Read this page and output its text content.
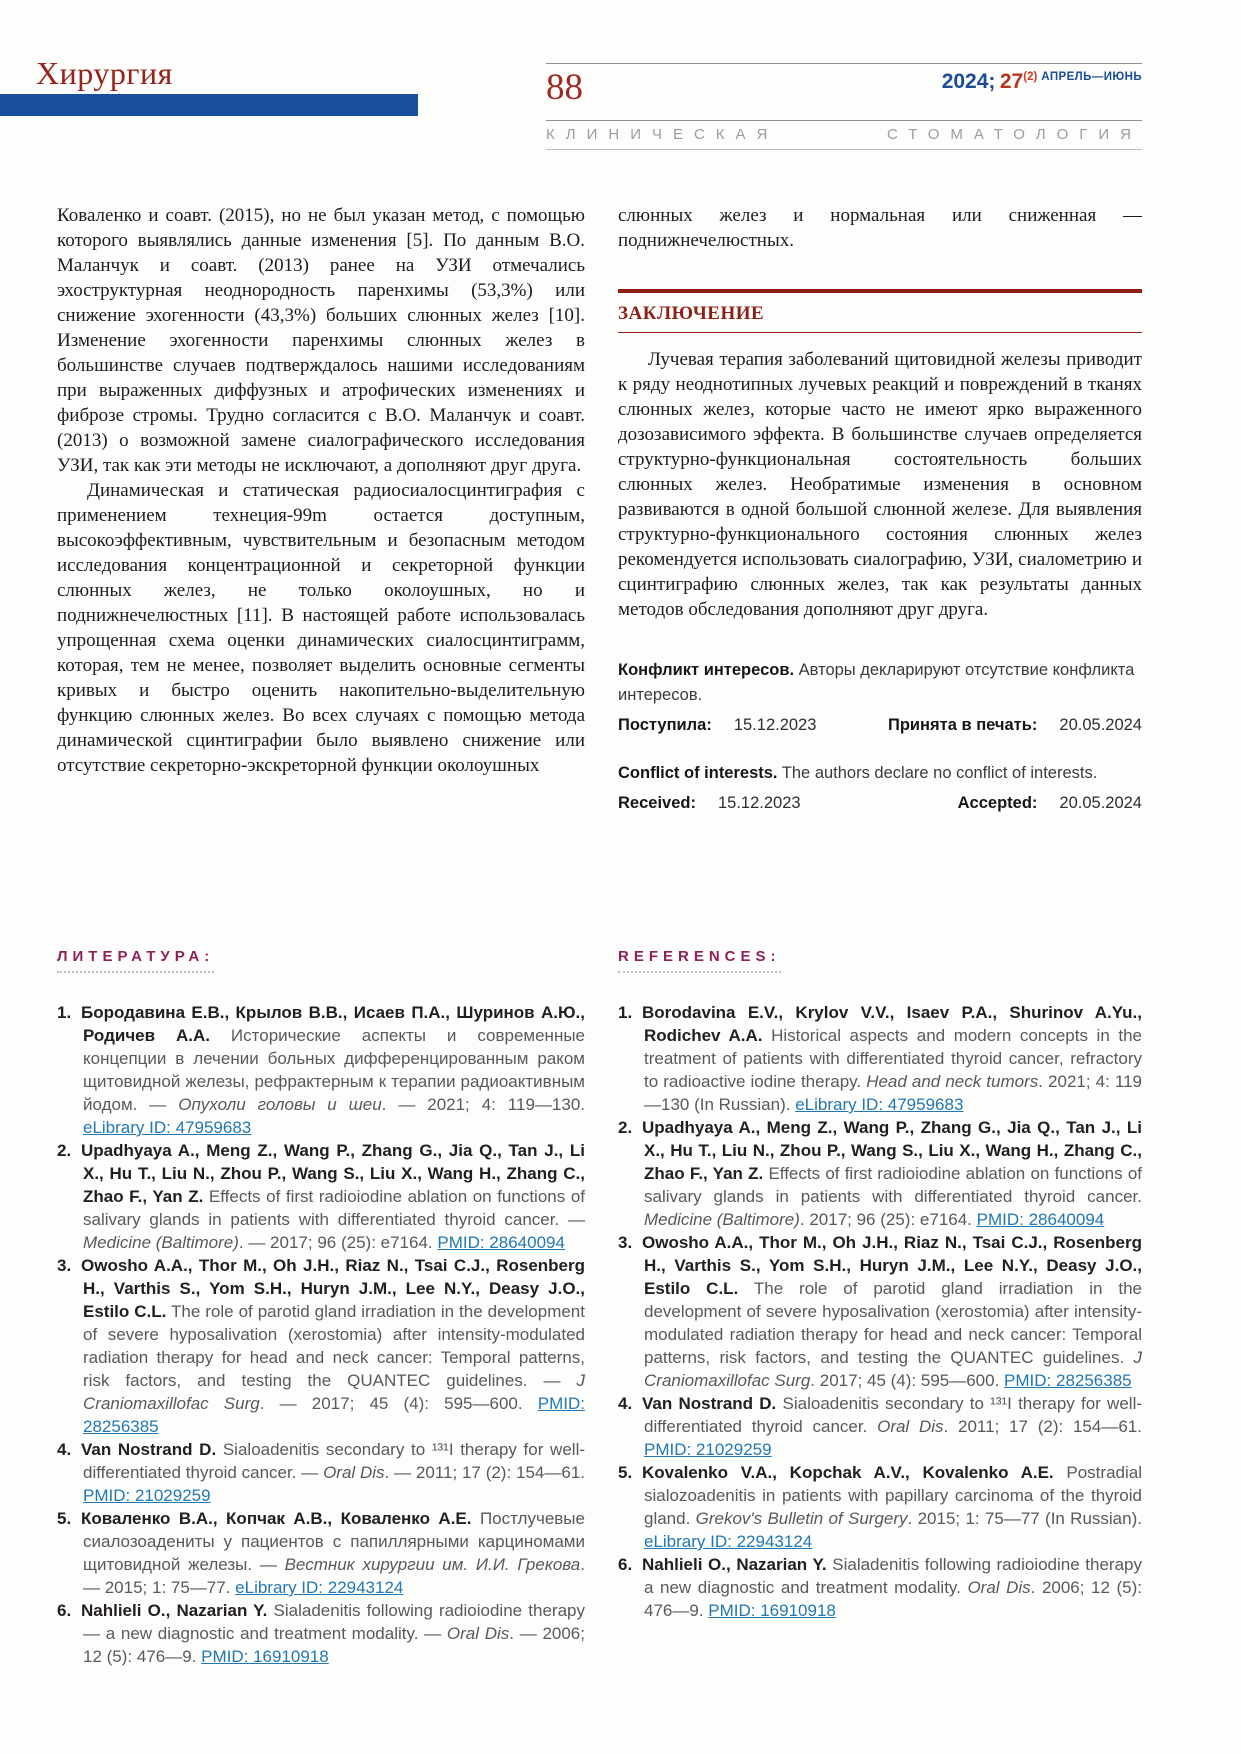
Хирургия	88	2024; $27^{(2) АПРЕЛЬ—ИЮНЬ}$
КЛИНИЧЕСКАЯ	СТОМАТОЛОГИЯ

Коваленко и соавт. (2015), но не был указан метод, с помощью которого выявлялись данные изменения [5]. По данным В.О. Маланчук и соавт. (2013) ранее на УЗИ отмечались эхоструктурная неоднородность паренхимы (53,3%) или снижение эхогенности (43,3%) больших слюнных желез [10]. Изменение эхогенности паренхимы слюнных желез в большинстве случаев подтверждалось нашими исследованиям при выраженных диффузных и атрофических изменениях и фиброзе стромы. Трудно согласится с В.О. Маланчук и соавт. (2013) о возможной замене сиалографического исследования УЗИ, так как эти методы не исключают, а дополняют друг друга.

Динамическая и статическая радиосиалосцинтиграфия с применением технеция-99m остается доступным, высокоэффективным, чувствительным и безопасным методом исследования концентрационной и секреторной функции слюнных желез, не только околоушных, но и поднижнечелюстных [11]. В настоящей работе использовалась упрощенная схема оценки динамических сиалосцинтиграмм, которая, тем не менее, позволяет выделить основные сегменты кривых и быстро оценить накопительно-выделительную функцию слюнных желез. Во всех случаях с помощью метода динамической сцинтиграфии было выявлено снижение или отсутствие секреторно-экскреторной функции околоушных

слюнных желез и нормальная или сниженная — поднижнечелюстных.

ЗАКЛЮЧЕНИЕ

Лучевая терапия заболеваний щитовидной железы приводит к ряду неоднотипных лучевых реакций и повреждений в тканях слюнных желез, которые часто не имеют ярко выраженного дозозависимого эффекта. В большинстве случаев определяется структурно-функциональная состоятельность больших слюнных желез. Необратимые изменения в основном развиваются в одной большой слюнной железе. Для выявления структурно-функционального состояния слюнных желез рекомендуется использовать сиалографию, УЗИ, сиалометрию и сцинтиграфию слюнных желез, так как результаты данных методов обследования дополняют друг друга.

Конфликт интересов. Авторы декларируют отсутствие конфликта интересов.
Поступила: 15.12.2023	Принята в печать: 20.05.2024
Conflict of interests. The authors declare no conflict of interests.
Received: 15.12.2023	Accepted: 20.05.2024
ЛИТЕРАТУРА:
1. Бородавина Е.В., Крылов В.В., Исаев П.А., Шуринов А.Ю., Родичев А.А. Исторические аспекты и современные концепции в лечении больных дифференцированным раком щитовидной железы, рефрактерным к терапии радиоактивным йодом. — Опухоли головы и шеи. — 2021; 4: 119—130. eLibrary ID: 47959683
2. Upadhyaya A., Meng Z., Wang P., Zhang G., Jia Q., Tan J., Li X., Hu T., Liu N., Zhou P., Wang S., Liu X., Wang H., Zhang C., Zhao F., Yan Z. Effects of first radioiodine ablation on functions of salivary glands in patients with differentiated thyroid cancer. — Medicine (Baltimore). — 2017; 96 (25): e7164. PMID: 28640094
3. Owosho A.A., Thor M., Oh J.H., Riaz N., Tsai C.J., Rosenberg H., Varthis S., Yom S.H., Huryn J.M., Lee N.Y., Deasy J.O., Estilo C.L. The role of parotid gland irradiation in the development of severe hyposalivation (xerostomia) after intensity-modulated radiation therapy for head and neck cancer: Temporal patterns, risk factors, and testing the QUANTEC guidelines. — J Craniomaxillofac Surg. — 2017; 45 (4): 595—600. PMID: 28256385
4. Van Nostrand D. Sialoadenitis secondary to ¹³¹I therapy for well-differentiated thyroid cancer. — Oral Dis. — 2011; 17 (2): 154—61. PMID: 21029259
5. Коваленко В.А., Копчак А.В., Коваленко А.Е. Постлучевые сиалозоадениты у пациентов с папиллярными карциномами щитовидной железы. — Вестник хирургии им. И.И. Грекова. — 2015; 1: 75—77. eLibrary ID: 22943124
6. Nahlieli O., Nazarian Y. Sialadenitis following radioiodine therapy — a new diagnostic and treatment modality. — Oral Dis. — 2006; 12 (5): 476—9. PMID: 16910918
REFERENCES:
1. Borodavina E.V., Krylov V.V., Isaev P.A., Shurinov A.Yu., Rodichev A.A. Historical aspects and modern concepts in the treatment of patients with differentiated thyroid cancer, refractory to radioactive iodine therapy. Head and neck tumors. 2021; 4: 119—130 (In Russian). eLibrary ID: 47959683
2. Upadhyaya A., Meng Z., Wang P., Zhang G., Jia Q., Tan J., Li X., Hu T., Liu N., Zhou P., Wang S., Liu X., Wang H., Zhang C., Zhao F., Yan Z. Effects of first radioiodine ablation on functions of salivary glands in patients with differentiated thyroid cancer. Medicine (Baltimore). 2017; 96 (25): e7164. PMID: 28640094
3. Owosho A.A., Thor M., Oh J.H., Riaz N., Tsai C.J., Rosenberg H., Varthis S., Yom S.H., Huryn J.M., Lee N.Y., Deasy J.O., Estilo C.L. The role of parotid gland irradiation in the development of severe hyposalivation (xerostomia) after intensity-modulated radiation therapy for head and neck cancer: Temporal patterns, risk factors, and testing the QUANTEC guidelines. J Craniomaxillofac Surg. 2017; 45 (4): 595—600. PMID: 28256385
4. Van Nostrand D. Sialoadenitis secondary to ¹³¹I therapy for well-differentiated thyroid cancer. Oral Dis. 2011; 17 (2): 154—61. PMID: 21029259
5. Kovalenko V.A., Kopchak A.V., Kovalenko A.E. Postradial sialozoadenitis in patients with papillary carcinoma of the thyroid gland. Grekov's Bulletin of Surgery. 2015; 1: 75—77 (In Russian). eLibrary ID: 22943124
6. Nahlieli O., Nazarian Y. Sialadenitis following radioiodine therapy a new diagnostic and treatment modality. Oral Dis. 2006; 12 (5): 476—9. PMID: 16910918
